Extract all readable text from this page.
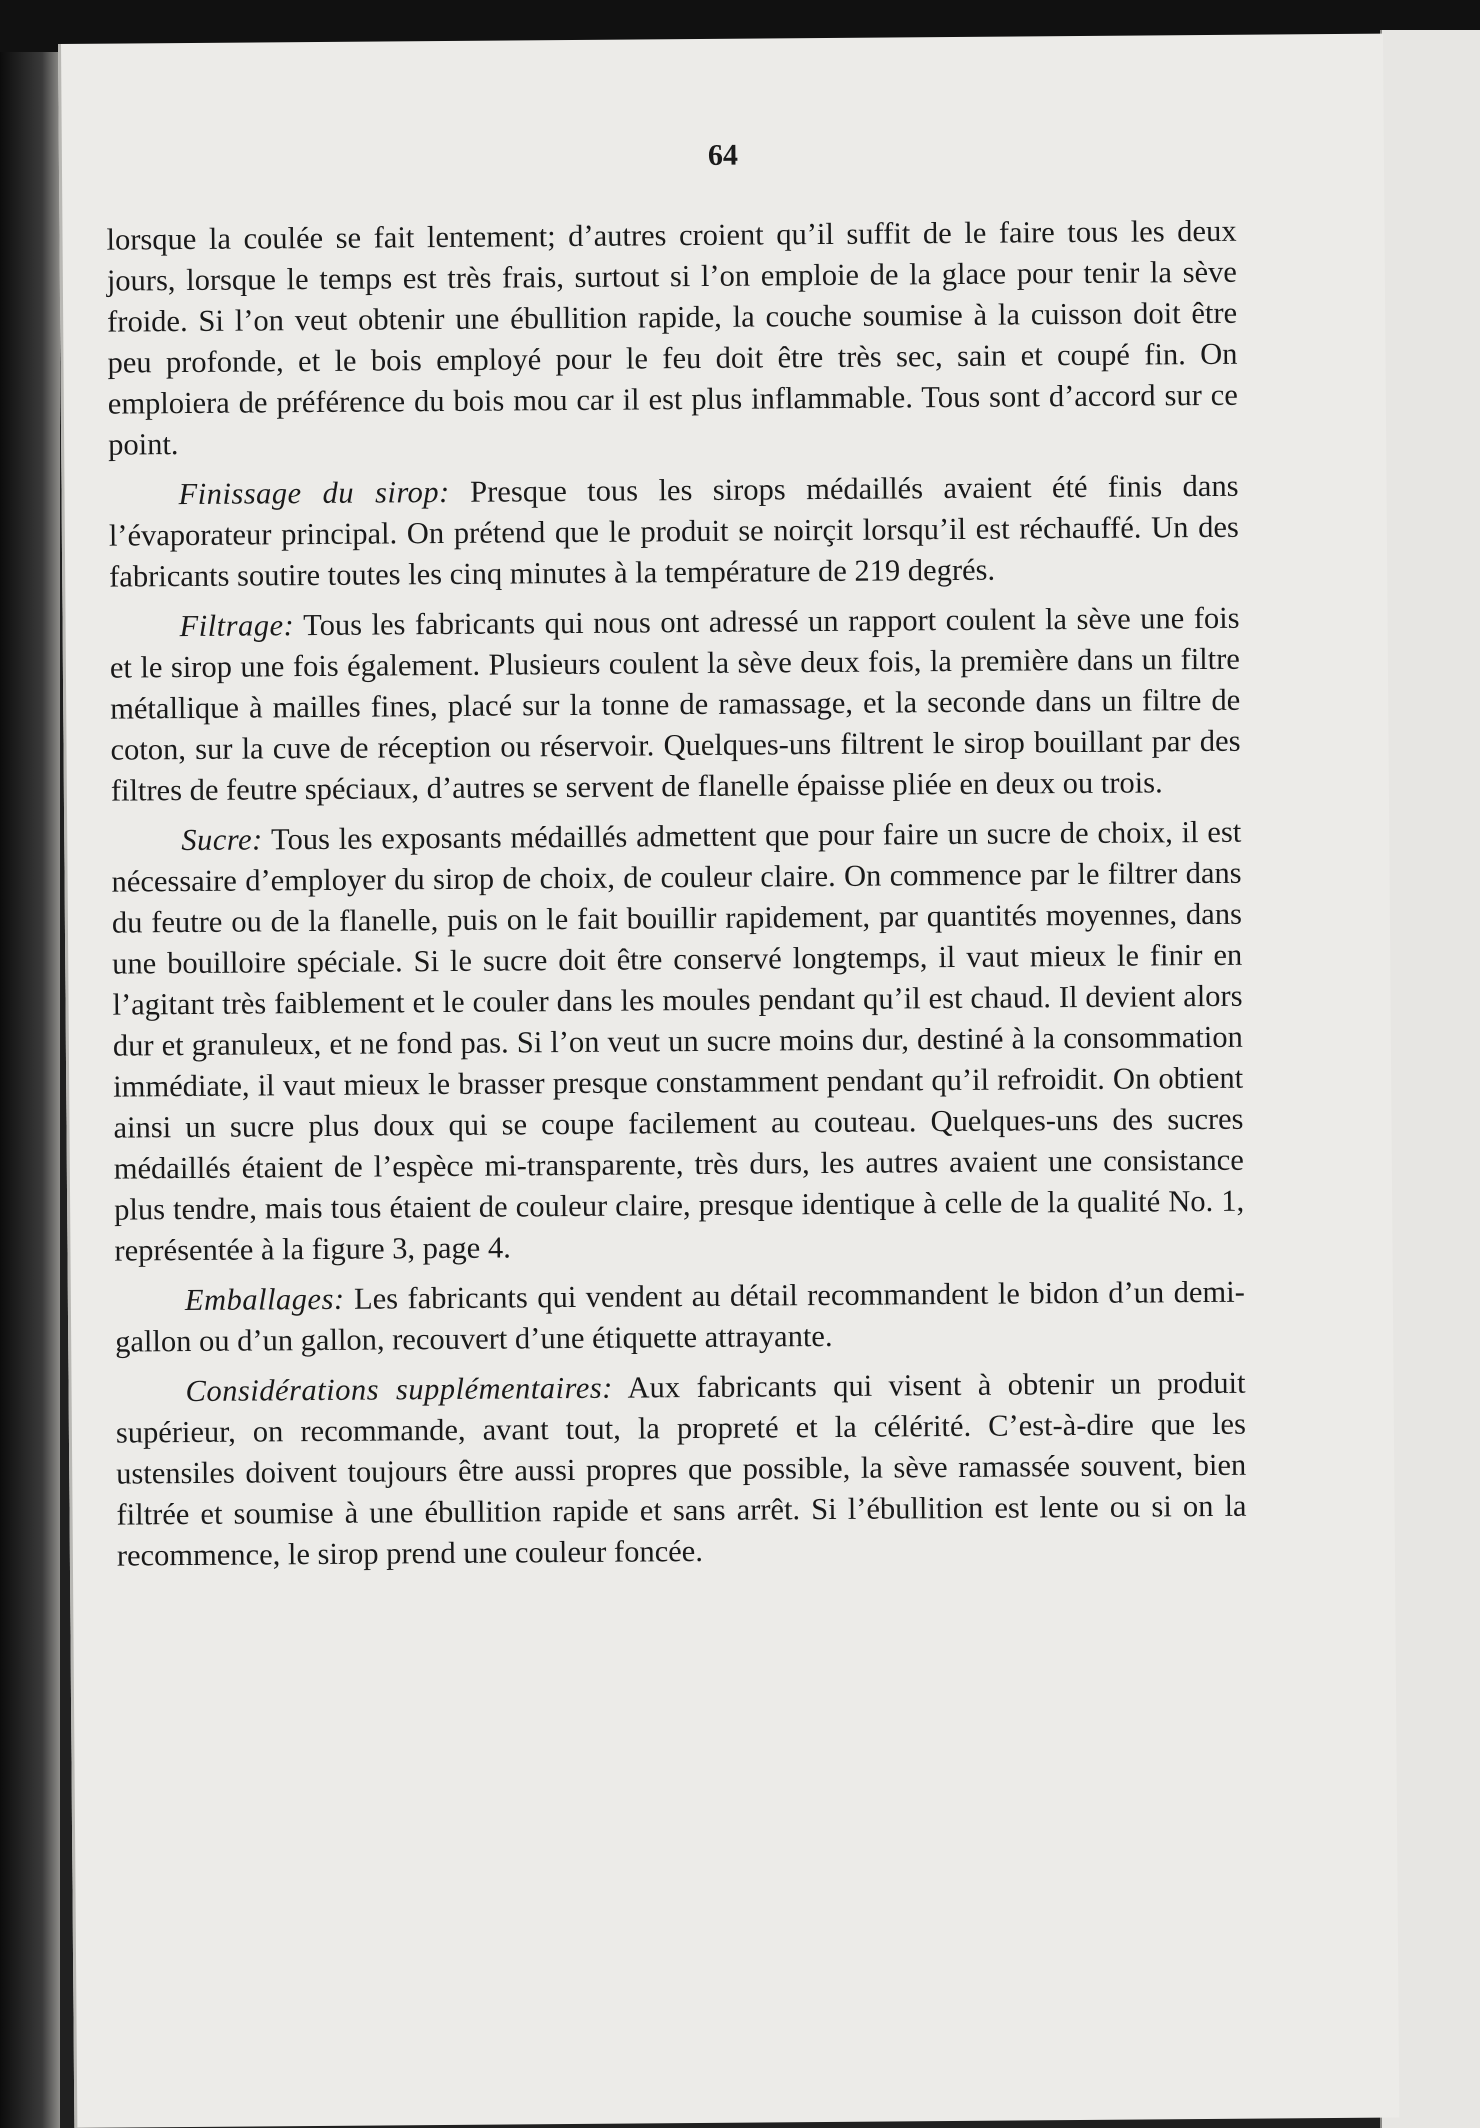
64

lorsque la coulée se fait lentement; d’autres croient qu’il suffit de le faire tous les deux jours, lorsque le temps est très frais, surtout si l’on emploie de la glace pour tenir la sève froide. Si l’on veut obtenir une ébullition rapide, la couche soumise à la cuisson doit être peu profonde, et le bois employé pour le feu doit être très sec, sain et coupé fin. On emploiera de préférence du bois mou car il est plus inflammable. Tous sont d’accord sur ce point.

Finissage du sirop: Presque tous les sirops médaillés avaient été finis dans l’évaporateur principal. On prétend que le produit se noirçit lorsqu’il est réchauffé. Un des fabricants soutire toutes les cinq minutes à la température de 219 degrés.

Filtrage: Tous les fabricants qui nous ont adressé un rapport coulent la sève une fois et le sirop une fois également. Plusieurs coulent la sève deux fois, la première dans un filtre métallique à mailles fines, placé sur la tonne de ramassage, et la seconde dans un filtre de coton, sur la cuve de réception ou réservoir. Quelques-uns filtrent le sirop bouillant par des filtres de feutre spéciaux, d’autres se servent de flanelle épaisse pliée en deux ou trois.

Sucre: Tous les exposants médaillés admettent que pour faire un sucre de choix, il est nécessaire d’employer du sirop de choix, de couleur claire. On commence par le filtrer dans du feutre ou de la flanelle, puis on le fait bouillir rapidement, par quantités moyennes, dans une bouilloire spéciale. Si le sucre doit être conservé longtemps, il vaut mieux le finir en l’agitant très faiblement et le couler dans les moules pendant qu’il est chaud. Il devient alors dur et granuleux, et ne fond pas. Si l’on veut un sucre moins dur, destiné à la consommation immédiate, il vaut mieux le brasser presque constamment pendant qu’il refroidit. On obtient ainsi un sucre plus doux qui se coupe facilement au couteau. Quelques-uns des sucres médaillés étaient de l’espèce mi-transparente, très durs, les autres avaient une consistance plus tendre, mais tous étaient de couleur claire, presque identique à celle de la qualité No. 1, représentée à la figure 3, page 4.

Emballages: Les fabricants qui vendent au détail recommandent le bidon d’un demi-gallon ou d’un gallon, recouvert d’une étiquette attrayante.

Considérations supplémentaires: Aux fabricants qui visent à obtenir un produit supérieur, on recommande, avant tout, la propreté et la célérité. C’est-à-dire que les ustensiles doivent toujours être aussi propres que possible, la sève ramassée souvent, bien filtrée et soumise à une ébullition rapide et sans arrêt. Si l’ébullition est lente ou si on la recommence, le sirop prend une couleur foncée.
